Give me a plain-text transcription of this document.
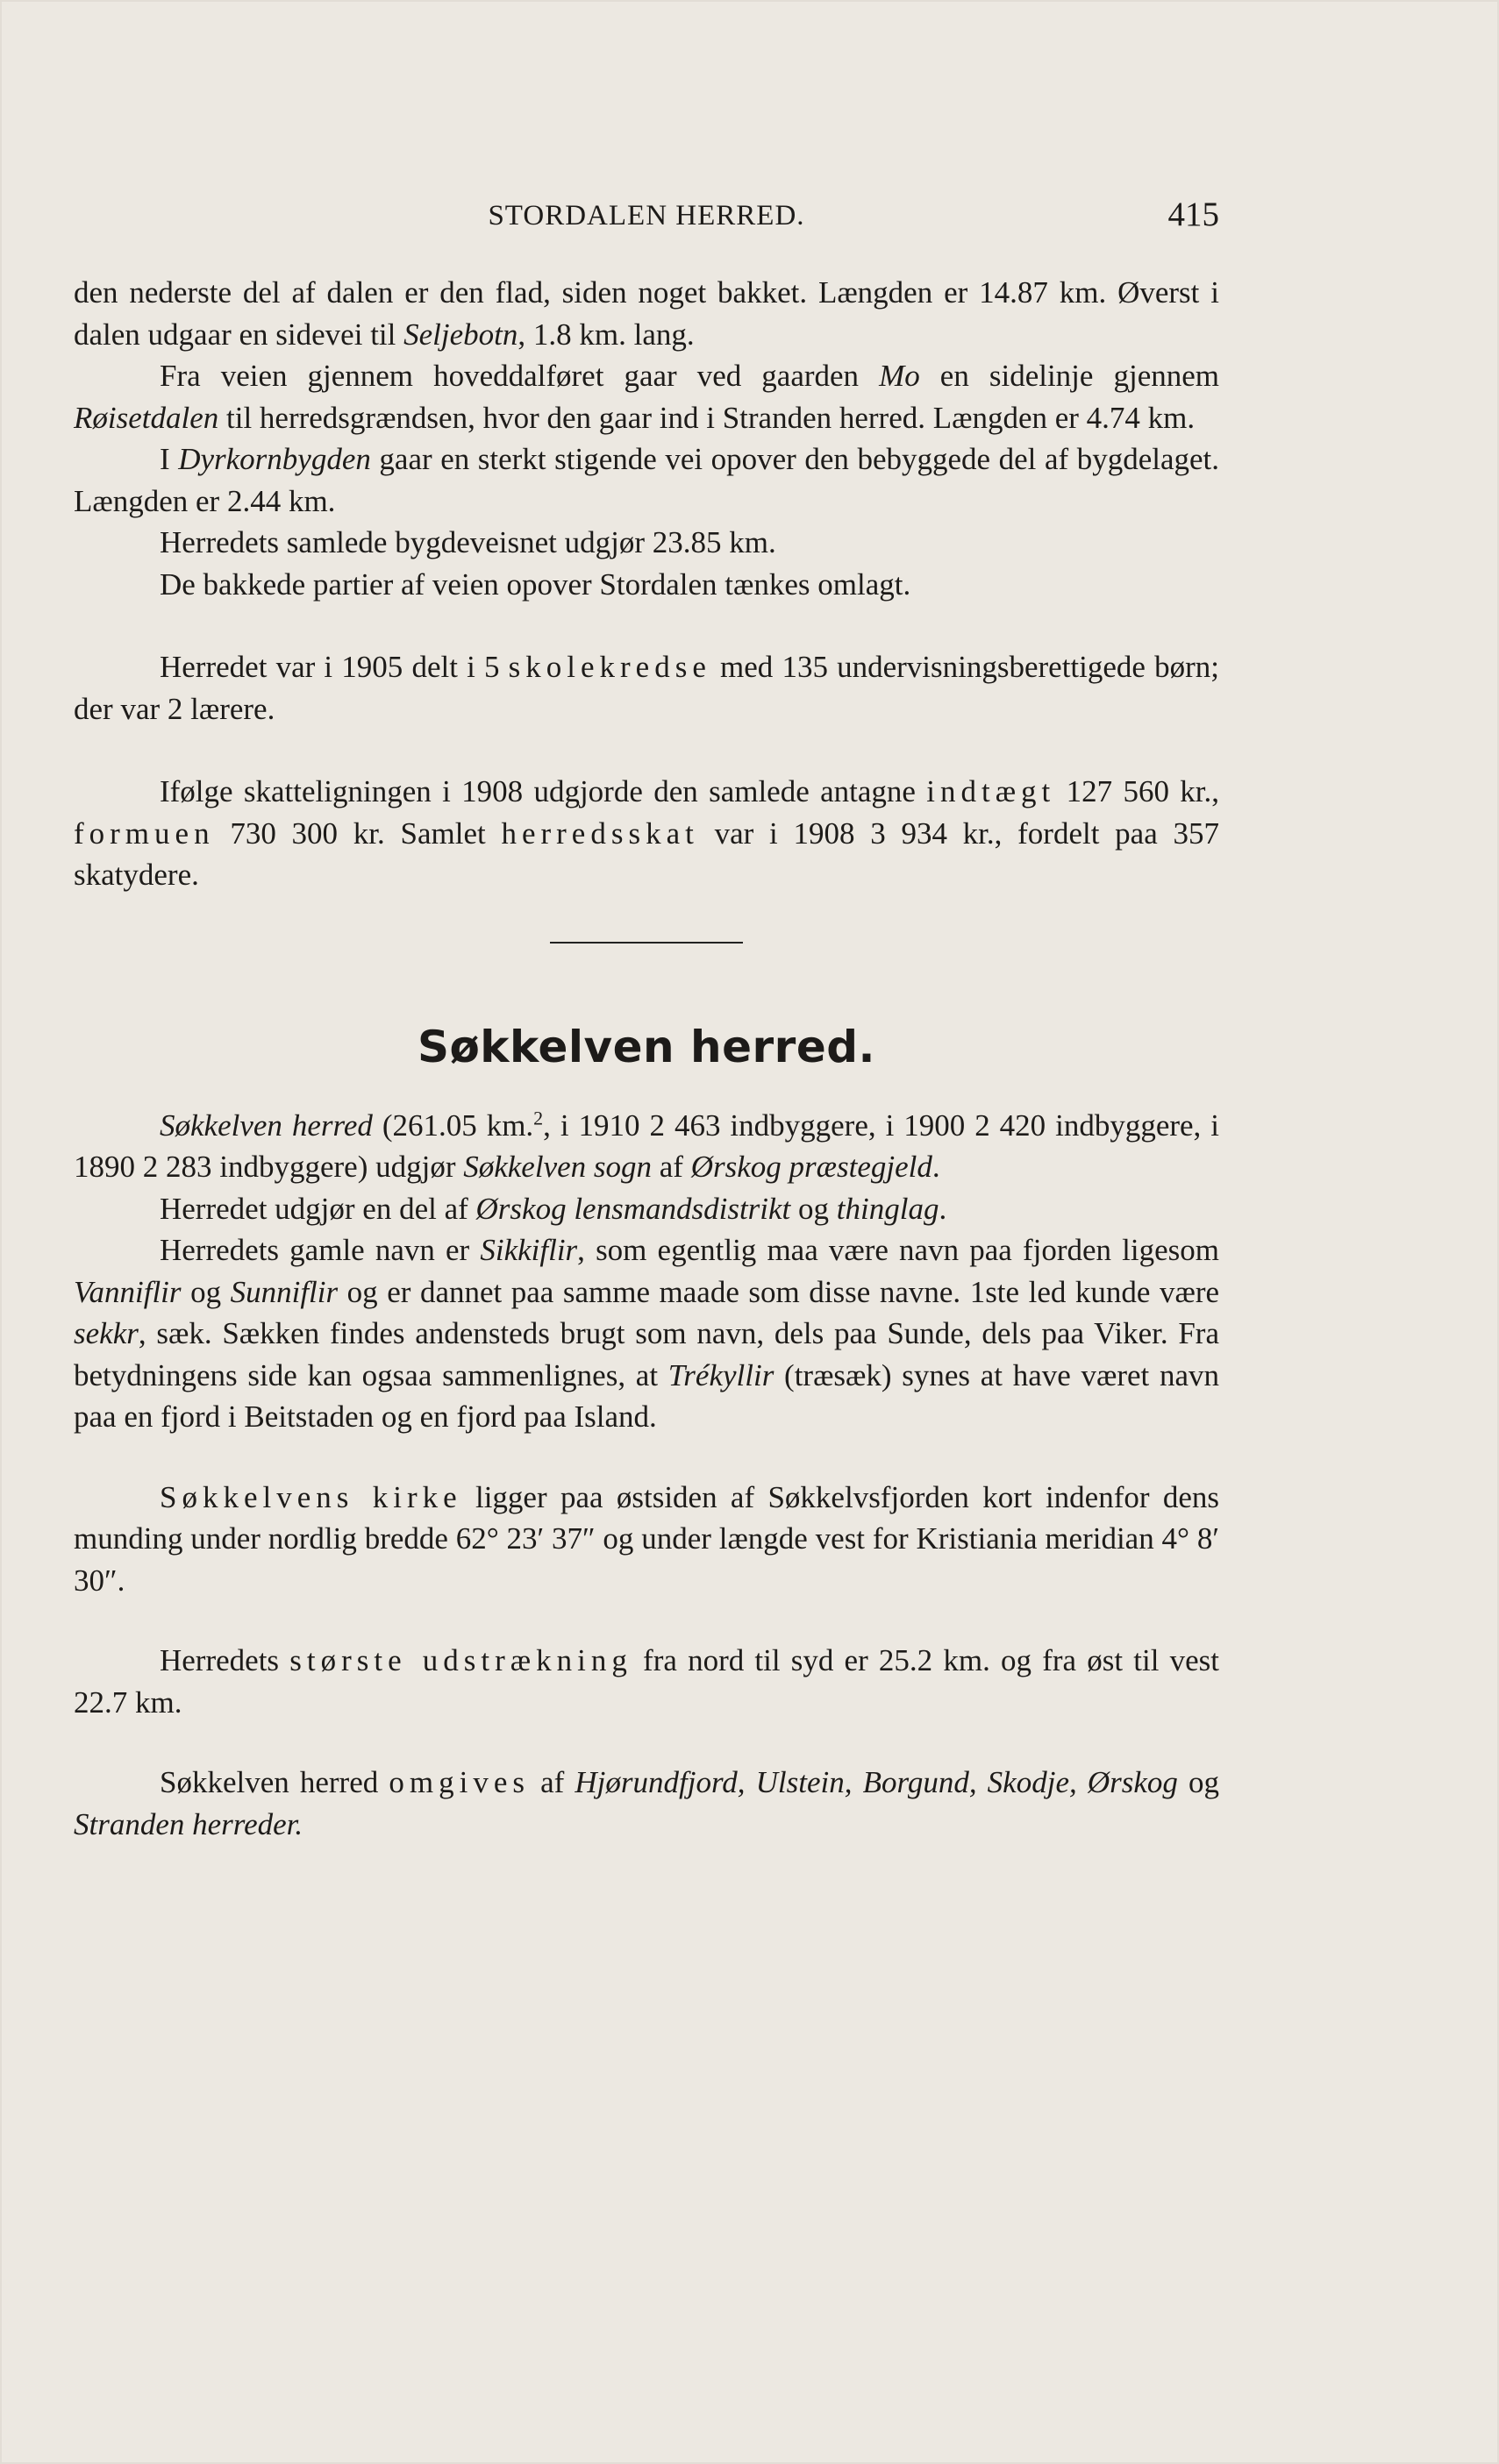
STORDALEN HERRED.	415

den nederste del af dalen er den flad, siden noget bakket. Længden er 14.87 km. Øverst i dalen udgaar en sidevei til Seljebotn, 1.8 km. lang.

Fra veien gjennem hoveddalføret gaar ved gaarden Mo en sidelinje gjennem Røisetdalen til herredsgrændsen, hvor den gaar ind i Stranden herred. Længden er 4.74 km.

I Dyrkornbygden gaar en sterkt stigende vei opover den bebyggede del af bygdelaget. Længden er 2.44 km.

Herredets samlede bygdeveisnet udgjør 23.85 km.

De bakkede partier af veien opover Stordalen tænkes omlagt.

Herredet var i 1905 delt i 5 skolekredse med 135 undervisningsberettigede børn; der var 2 lærere.

Ifølge skatteligningen i 1908 udgjorde den samlede antagne indtægt 127 560 kr., formuen 730 300 kr. Samlet herredsskat var i 1908 3 934 kr., fordelt paa 357 skatydere.

Søkkelven herred.

Søkkelven herred (261.05 km.$^2$, i 1910 2 463 indbyggere, i 1900 2 420 indbyggere, i 1890 2 283 indbyggere) udgjør Søkkelven sogn af Ørskog præstegjeld.

Herredet udgjør en del af Ørskog lensmandsdistrikt og thinglag.

Herredets gamle navn er Sikkiflir, som egentlig maa være navn paa fjorden ligesom Vanniflir og Sunniflir og er dannet paa samme maade som disse navne. 1ste led kunde være sekkr, sæk. Sækken findes andensteds brugt som navn, dels paa Sunde, dels paa Viker. Fra betydningens side kan ogsaa sammenlignes, at Trékyllir (træsæk) synes at have været navn paa en fjord i Beitstaden og en fjord paa Island.

Søkkelvens kirke ligger paa østsiden af Søkkelvsfjorden kort indenfor dens munding under nordlig bredde 62° 23′ 37″ og under længde vest for Kristiania meridian 4° 8′ 30″.

Herredets største udstrækning fra nord til syd er 25.2 km. og fra øst til vest 22.7 km.

Søkkelven herred omgives af Hjørundfjord, Ulstein, Borgund, Skodje, Ørskog og Stranden herreder.
